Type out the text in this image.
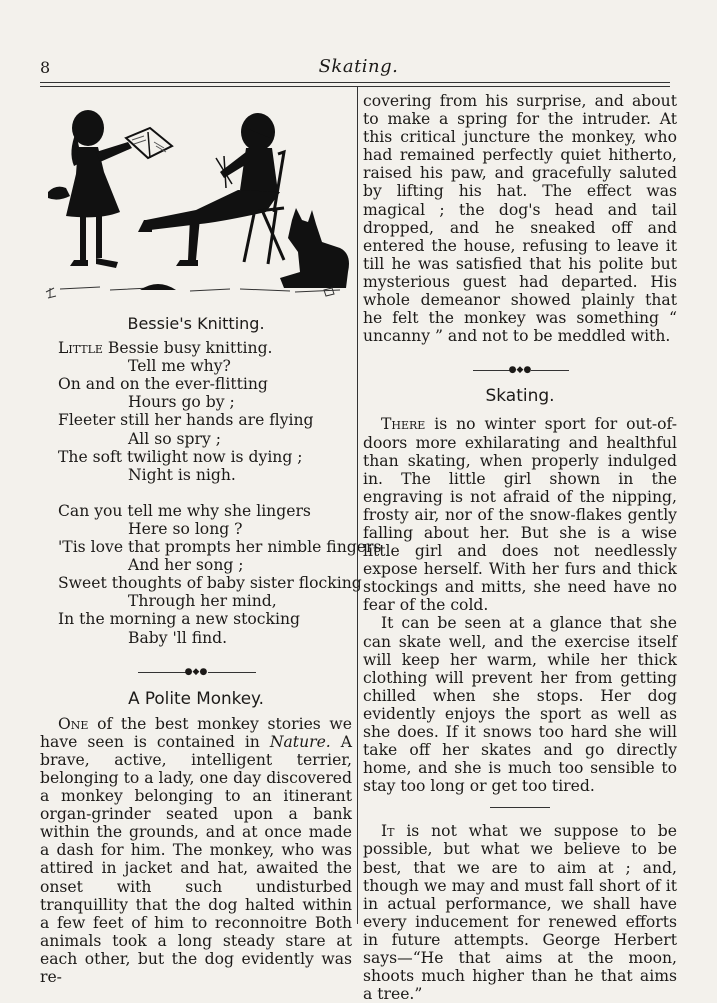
8	Skating.
Bessie's Knitting.
Little Bessie busy knitting.
Tell me why?
On and on the ever-flitting
Hours go by ;
Fleeter still her hands are flying
All so spry ;
The soft twilight now is dying ;
Night is nigh.
Can you tell me why she lingers
Here so long ?
'Tis love that prompts her nimble fingers
And her song ;
Sweet thoughts of baby sister flocking
Through her mind,
In the morning a new stocking
Baby 'll find.
●◆●
A Polite Monkey.

One of the best monkey stories we have seen is contained in Nature. A brave, active, intelligent terrier, belonging to a lady, one day discovered a monkey belonging to an itinerant organ-grinder seated upon a bank within the grounds, and at once made a dash for him. The monkey, who was attired in jacket and hat, awaited the onset with such undisturbed tranquillity that the dog halted within a few feet of him to reconnoitre Both animals took a long steady stare at each other, but the dog evidently was re-

covering from his surprise, and about to make a spring for the intruder. At this critical juncture the monkey, who had remained perfectly quiet hitherto, raised his paw, and gracefully saluted by lifting his hat. The effect was magical ; the dog's head and tail dropped, and he sneaked off and entered the house, refusing to leave it till he was satisfied that his polite but mysterious guest had departed. His whole demeanor showed plainly that he felt the monkey was something “ uncanny ” and not to be meddled with.

●◆●
Skating.

There is no winter sport for out-of-doors more exhilarating and healthful than skating, when properly indulged in. The little girl shown in the engraving is not afraid of the nipping, frosty air, nor of the snow-flakes gently falling about her. But she is a wise little girl and does not needlessly expose herself. With her furs and thick stockings and mitts, she need have no fear of the cold.

It can be seen at a glance that she can skate well, and the exercise itself will keep her warm, while her thick clothing will prevent her from getting chilled when she stops. Her dog evidently enjoys the sport as well as she does. If it snows too hard she will take off her skates and go directly home, and she is much too sensible to stay too long or get too tired.

It is not what we suppose to be possible, but what we believe to be best, that we are to aim at ; and, though we may and must fall short of it in actual performance, we shall have every inducement for renewed efforts in future attempts. George Herbert says—“He that aims at the moon, shoots much higher than he that aims a tree.”
